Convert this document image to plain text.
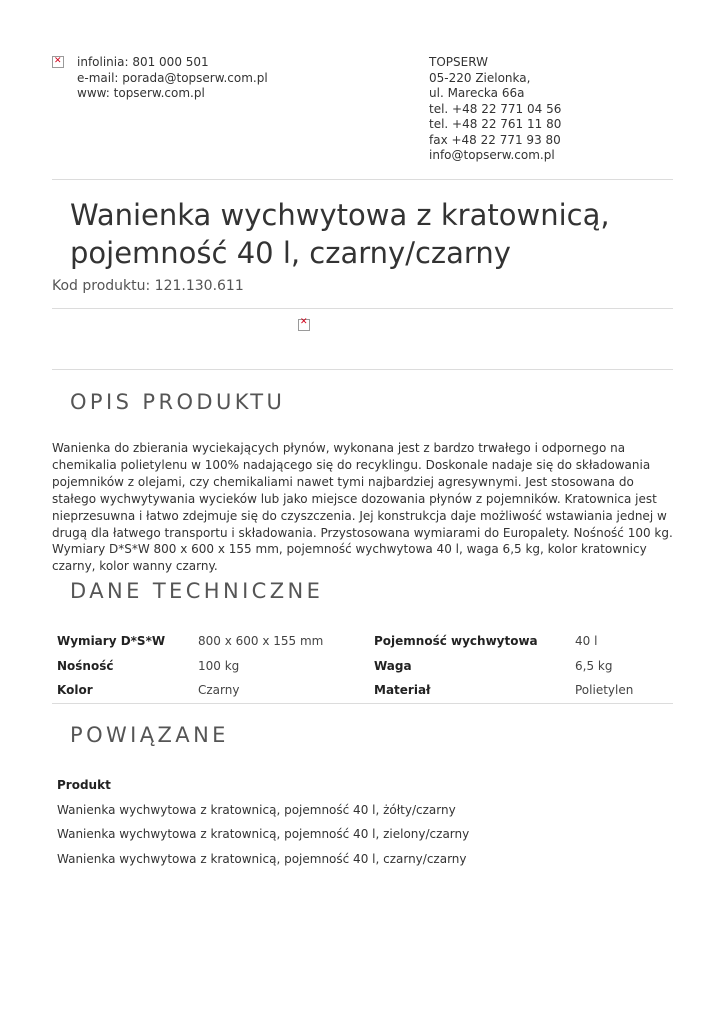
✕
infolinia: 801 000 501
e-mail: porada@topserw.com.pl
www: topserw.com.pl
TOPSERW
05-220 Zielonka,
ul. Marecka 66a
tel. +48 22 771 04 56
tel. +48 22 761 11 80
fax +48 22 771 93 80
info@topserw.com.pl
Wanienka wychwytowa z kratownicą,
pojemność 40 l, czarny/czarny
Kod produktu: 121.130.611
✕
OPIS PRODUKTU

Wanienka do zbierania wyciekających płynów, wykonana jest z bardzo trwałego i odpornego na chemikalia polietylenu w 100% nadającego się do recyklingu. Doskonale nadaje się do składowania pojemników z olejami, czy chemikaliami nawet tymi najbardziej agresywnymi. Jest stosowana do stałego wychwytywania wycieków lub jako miejsce dozowania płynów z pojemników. Kratownica jest nieprzesuwna i łatwo zdejmuje się do czyszczenia. Jej konstrukcja daje możliwość wstawiania jednej w drugą dla łatwego transportu i składowania. Przystosowana wymiarami do Europalety. Nośność 100 kg. Wymiary D*S*W 800 x 600 x 155 mm, pojemność wychwytowa 40 l, waga 6,5 kg, kolor kratownicy czarny, kolor wanny czarny.

DANE TECHNICZNE
Wymiary D*S*W	800 x 600 x 155 mm	Pojemność wychwytowa	40 l
Nośność	100 kg	Waga	6,5 kg
Kolor	Czarny	Materiał	Polietylen
POWIĄZANE
Produkt
Wanienka wychwytowa z kratownicą, pojemność 40 l, żółty/czarny
Wanienka wychwytowa z kratownicą, pojemność 40 l, zielony/czarny
Wanienka wychwytowa z kratownicą, pojemność 40 l, czarny/czarny
